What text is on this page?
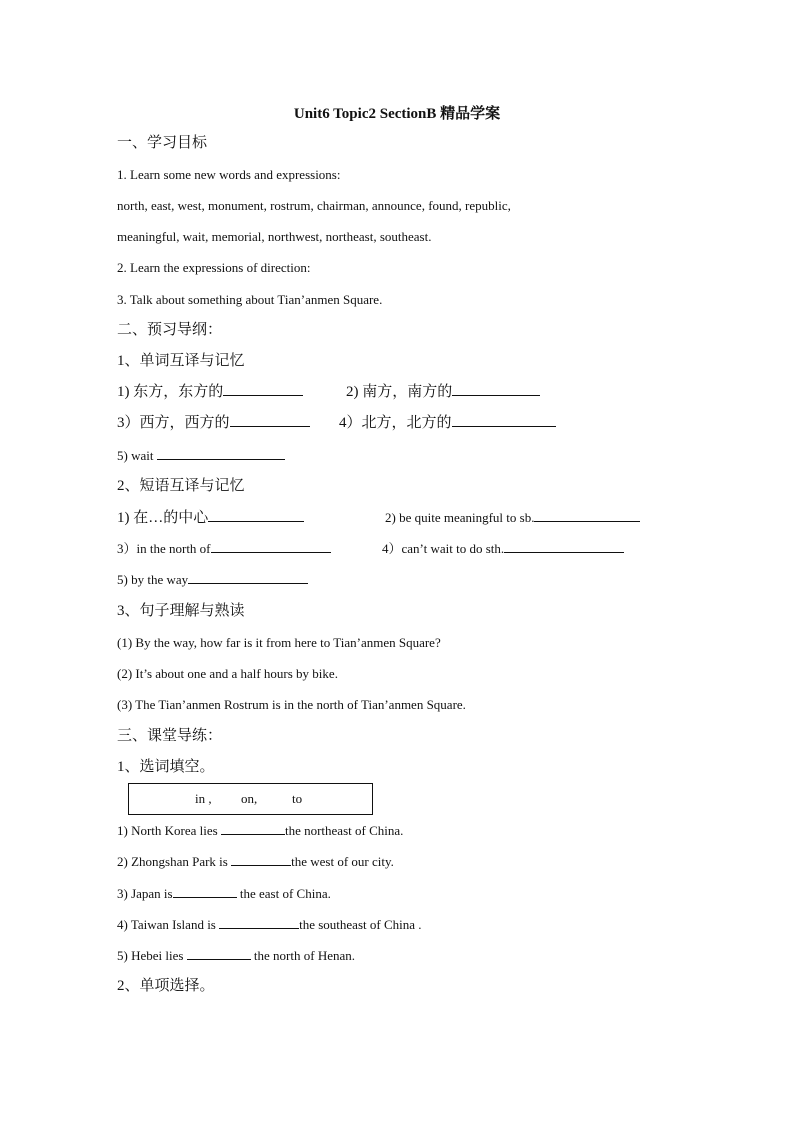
Unit6 Topic2 SectionB 精品学案
一、学习目标
1. Learn some new words and expressions:
north, east, west, monument, rostrum, chairman, announce, found, republic,
meaningful, wait, memorial, northwest, northeast, southeast.
2. Learn the expressions of direction:
3. Talk about something about Tian’anmen Square.
二、预习导纲：
1、单词互译与记忆
1) 东方，东方的	2) 南方，南方的
3）西方，西方的	4）北方，北方的
5) wait
2、短语互译与记忆
1) 在…的中心	2) be quite meaningful to sb.
3）in the north of	4）can’t wait to do sth.
5) by the way
3、句子理解与熟读
(1) By the way, how far is it from here to Tian’anmen Square?
(2) It’s about one and a half hours by bike.
(3) The Tian’anmen Rostrum is in the north of Tian’anmen Square.
三、课堂导练：
1、选词填空。
in , on,	to
1) North Korea lies	the northeast of China.
2) Zhongshan Park is	the west of our city.
3) Japan is	the east of China.
4) Taiwan Island is	the southeast of China .
5) Hebei lies	the north of Henan.
2、单项选择。
